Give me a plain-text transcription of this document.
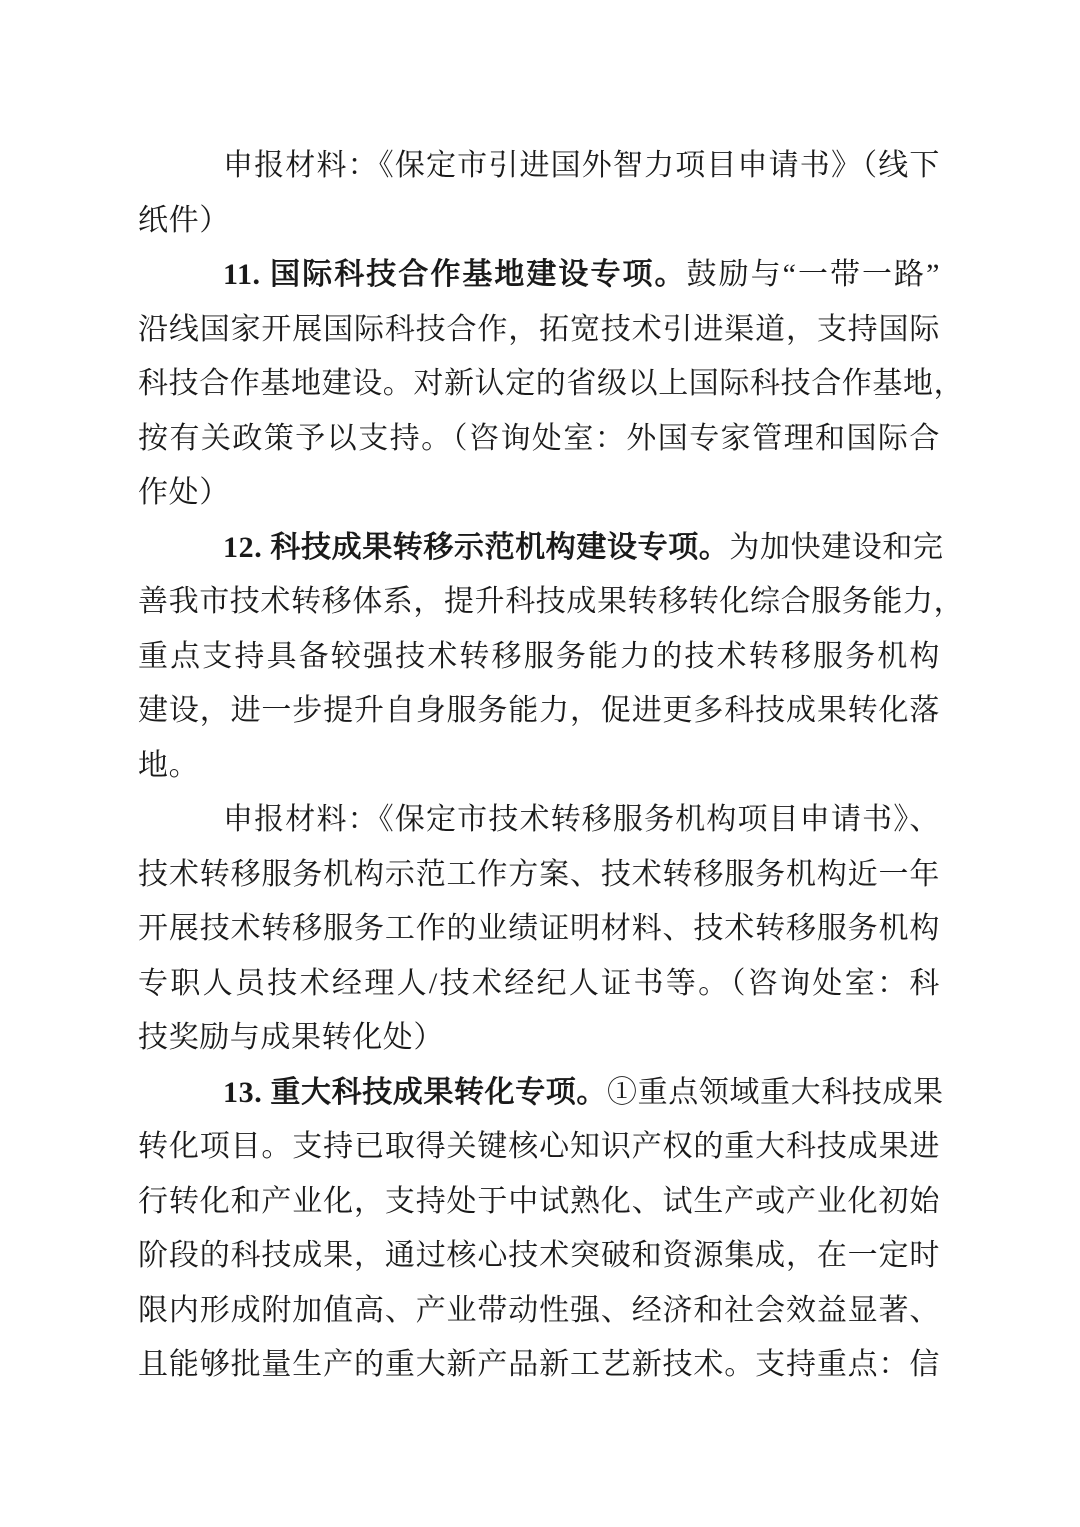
申报材料：《保定市引进国外智力项目申请书》（线下
纸件）
11. 国际科技合作基地建设专项。鼓励与“一带一路”
沿线国家开展国际科技合作，拓宽技术引进渠道，支持国际
科技合作基地建设。对新认定的省级以上国际科技合作基地，
按有关政策予以支持。（咨询处室：外国专家管理和国际合
作处）
12. 科技成果转移示范机构建设专项。为加快建设和完
善我市技术转移体系，提升科技成果转移转化综合服务能力，
重点支持具备较强技术转移服务能力的技术转移服务机构
建设，进一步提升自身服务能力，促进更多科技成果转化落
地。
申报材料：《保定市技术转移服务机构项目申请书》、
技术转移服务机构示范工作方案、技术转移服务机构近一年
开展技术转移服务工作的业绩证明材料、技术转移服务机构
专职人员技术经理人/技术经纪人证书等。（咨询处室：科
技奖励与成果转化处）
13. 重大科技成果转化专项。①重点领域重大科技成果
转化项目。支持已取得关键核心知识产权的重大科技成果进
行转化和产业化，支持处于中试熟化、试生产或产业化初始
阶段的科技成果，通过核心技术突破和资源集成，在一定时
限内形成附加值高、产业带动性强、经济和社会效益显著、
且能够批量生产的重大新产品新工艺新技术。支持重点：信
